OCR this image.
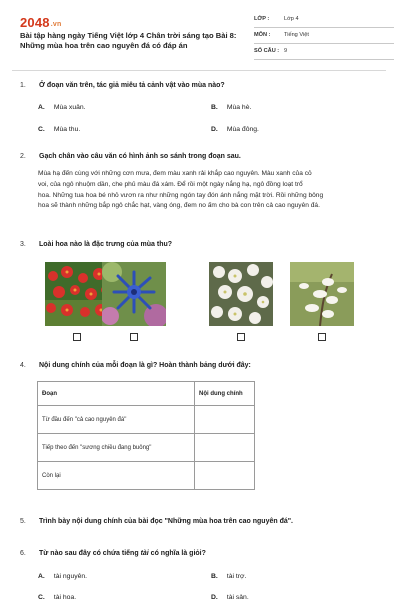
2048.vn
Bài tập hàng ngày Tiếng Việt lớp 4 Chân trời sáng tạo Bài 8: Những mùa hoa trên cao nguyên đá có đáp án
LỚP :	Lớp 4
MÔN : Tiếng Việt
SỐ CÂU : 9
1. Ở đoạn văn trên, tác giả miêu tả cảnh vật vào mùa nào?
A. Mùa xuân.	B. Mùa hè.
C. Mùa thu.	D. Mùa đông.
2. Gạch chân vào câu văn có hình ảnh so sánh trong đoạn sau.
Mùa hạ đến cùng với những cơn mưa, đem màu xanh rải khắp cao nguyên. Màu xanh của cỏ
voi, của ngô nhuộm dần, che phủ màu đá xám. Để rồi một ngày nắng hạ, ngô đồng loạt trổ
hoa. Những tua hoa bé nhỏ vươn ra như những ngón tay đón ánh nắng mặt trời. Rồi những bông
hoa sẽ thành những bắp ngô chắc hạt, vàng óng, đem no ấm cho bà con trên cả cao nguyên đá.
3. Loài hoa nào là đặc trưng của mùa thu?
4. Nội dung chính của mỗi đoạn là gì? Hoàn thành bảng dưới đây:
Đoạn	Nội dung chính
Từ đầu đến "cả cao nguyên đá"	
Tiếp theo đến "sương chiều đang buông"	
Còn lại	
5. Trình bày nội dung chính của bài đọc "Những mùa hoa trên cao nguyên đá".
6. Từ nào sau đây có chứa tiếng tài có nghĩa là giỏi?
A. tài nguyên.	B. tài trợ.
C. tài hoa.	D. tài sản.
